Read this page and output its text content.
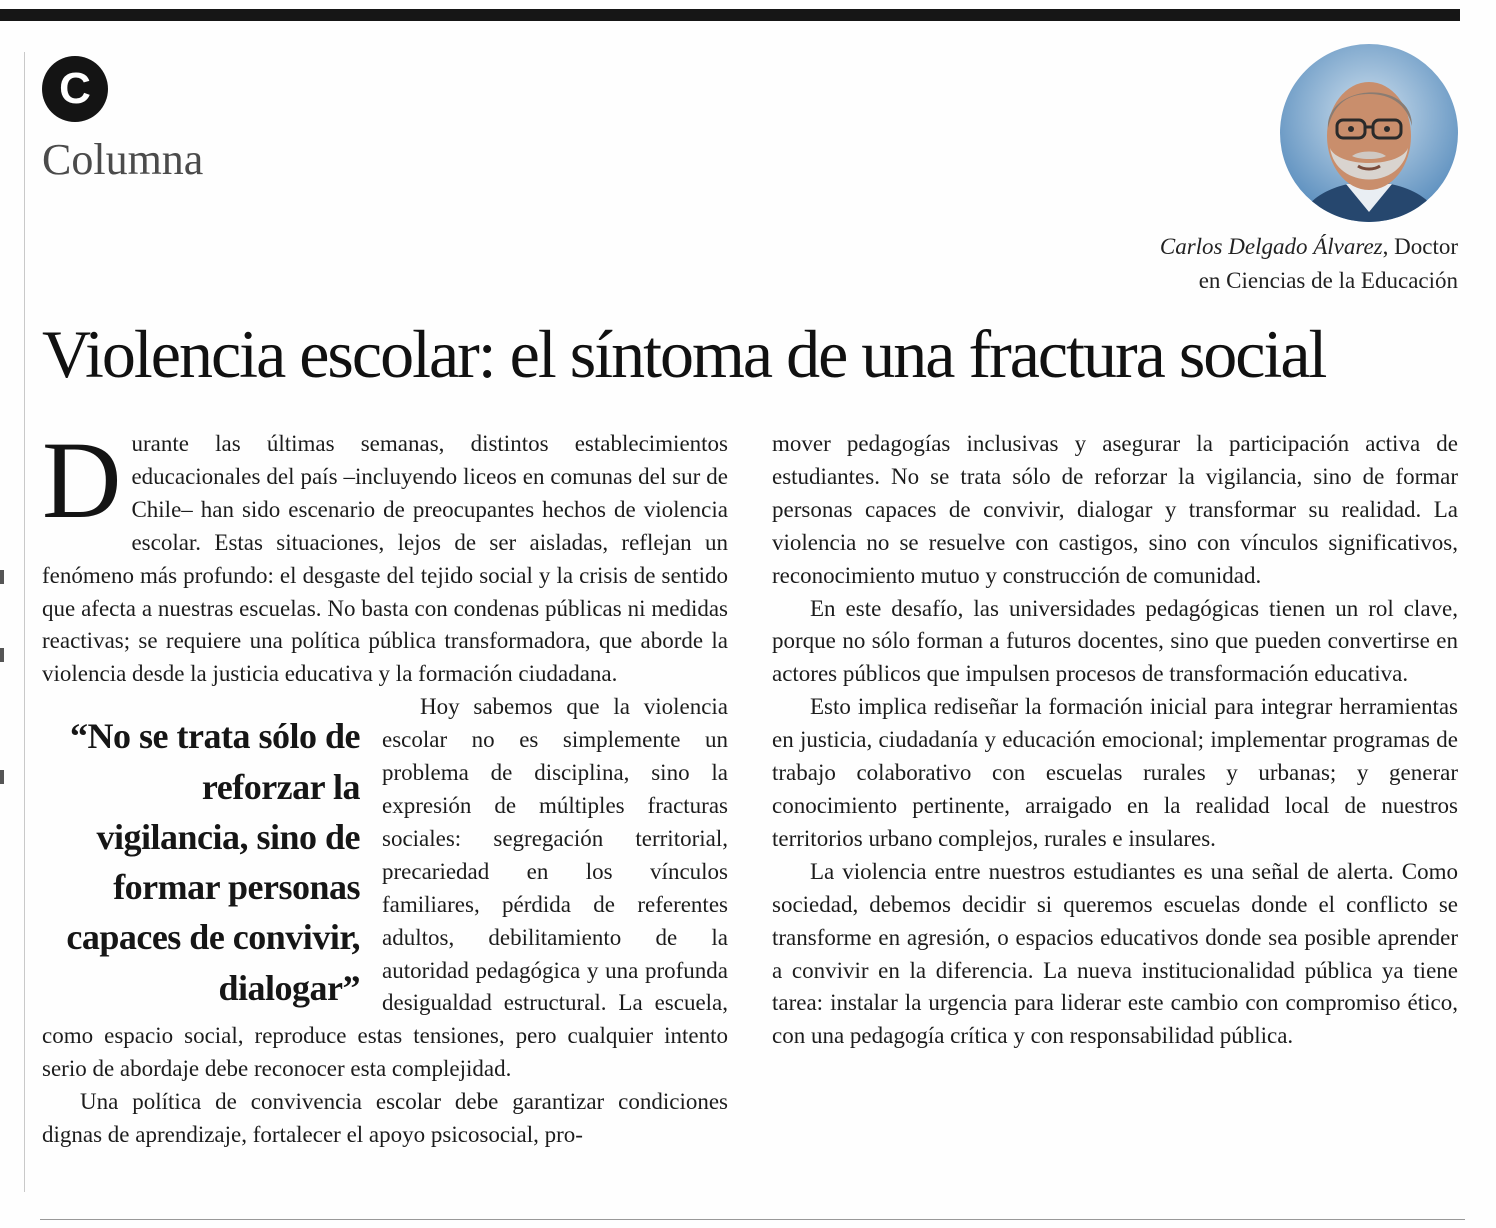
C
Columna
Carlos Delgado Álvarez, Doctor
en Ciencias de la Educación
Violencia escolar: el síntoma de una fractura social

Durante las últimas semanas, distintos establecimientos educacionales del país –incluyendo liceos en comunas del sur de Chile– han sido escenario de preocupantes hechos de violencia escolar. Estas situaciones, lejos de ser aisladas, reflejan un fenómeno más profundo: el desgaste del tejido social y la crisis de sentido que afecta a nuestras escuelas. No basta con condenas públicas ni medidas reactivas; se requiere una política pública transformadora, que aborde la violencia desde la justicia educativa y la formación ciudadana.

“No se trata sólo de reforzar la vigilancia, sino de formar personas capaces de convivir, dialogar”

Hoy sabemos que la violencia escolar no es simplemente un problema de disciplina, sino la expresión de múltiples fracturas sociales: segregación territorial, precariedad en los vínculos familiares, pérdida de referentes adultos, debilitamiento de la autoridad pedagógica y una profunda desigualdad estructural. La escuela, como espacio social, reproduce estas tensiones, pero cualquier intento serio de abordaje debe reconocer esta complejidad.

Una política de convivencia escolar debe garantizar condiciones dignas de aprendizaje, fortalecer el apoyo psicosocial, pro-

mover pedagogías inclusivas y asegurar la participación activa de estudiantes. No se trata sólo de reforzar la vigilancia, sino de formar personas capaces de convivir, dialogar y transformar su realidad. La violencia no se resuelve con castigos, sino con vínculos significativos, reconocimiento mutuo y construcción de comunidad.

En este desafío, las universidades pedagógicas tienen un rol clave, porque no sólo forman a futuros docentes, sino que pueden convertirse en actores públicos que impulsen procesos de transformación educativa.

Esto implica rediseñar la formación inicial para integrar herramientas en justicia, ciudadanía y educación emocional; implementar programas de trabajo colaborativo con escuelas rurales y urbanas; y generar conocimiento pertinente, arraigado en la realidad local de nuestros territorios urbano complejos, rurales e insulares.

La violencia entre nuestros estudiantes es una señal de alerta. Como sociedad, debemos decidir si queremos escuelas donde el conflicto se transforme en agresión, o espacios educativos donde sea posible aprender a convivir en la diferencia. La nueva institucionalidad pública ya tiene tarea: instalar la urgencia para liderar este cambio con compromiso ético, con una pedagogía crítica y con responsabilidad pública.
